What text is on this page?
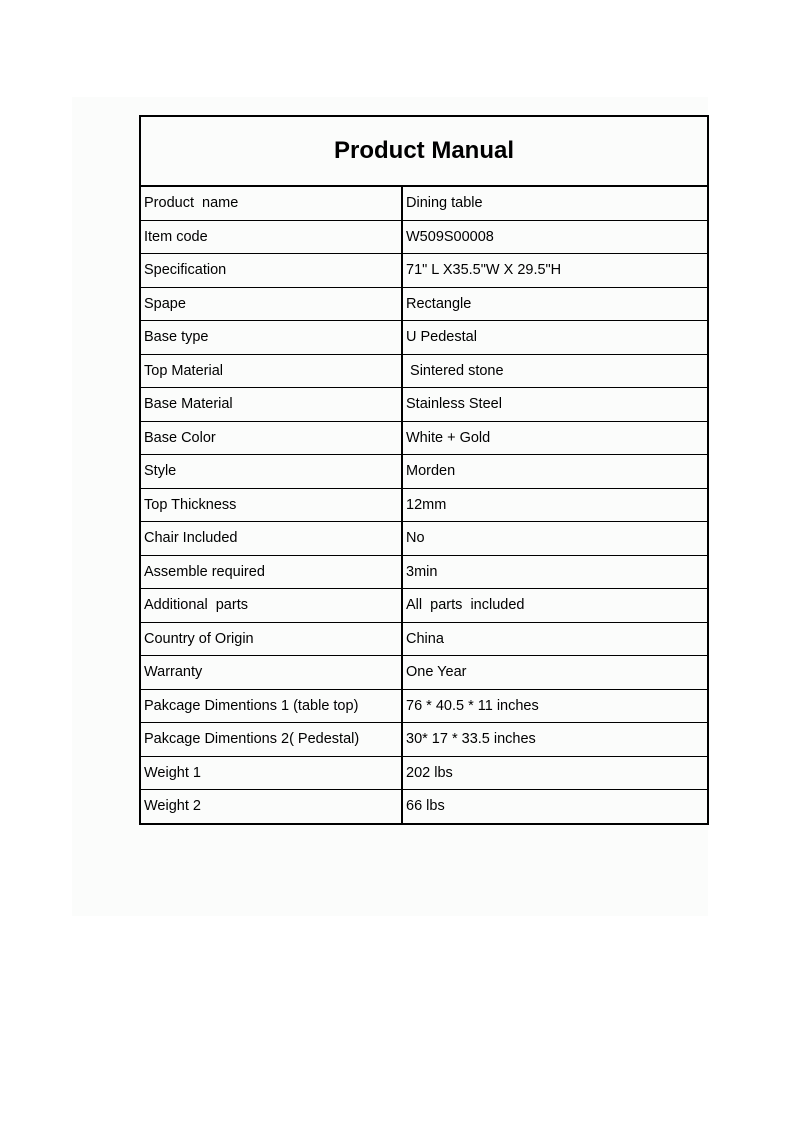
Product Manual	
Product  name	Dining table
Item code	W509S00008
Specification	71" L X35.5"W X 29.5"H
Spape	Rectangle
Base type	U Pedestal
Top Material	Sintered stone
Base Material	Stainless Steel
Base Color	White + Gold
Style	Morden
Top Thickness	12mm
Chair Included	No
Assemble required	3min
Additional  parts	All  parts  included
Country of Origin	China
Warranty	One Year
Pakcage Dimentions 1 (table top)	76 * 40.5 * 11 inches
Pakcage Dimentions 2( Pedestal)	30* 17 * 33.5 inches
Weight 1	202 lbs
Weight 2	66 lbs
